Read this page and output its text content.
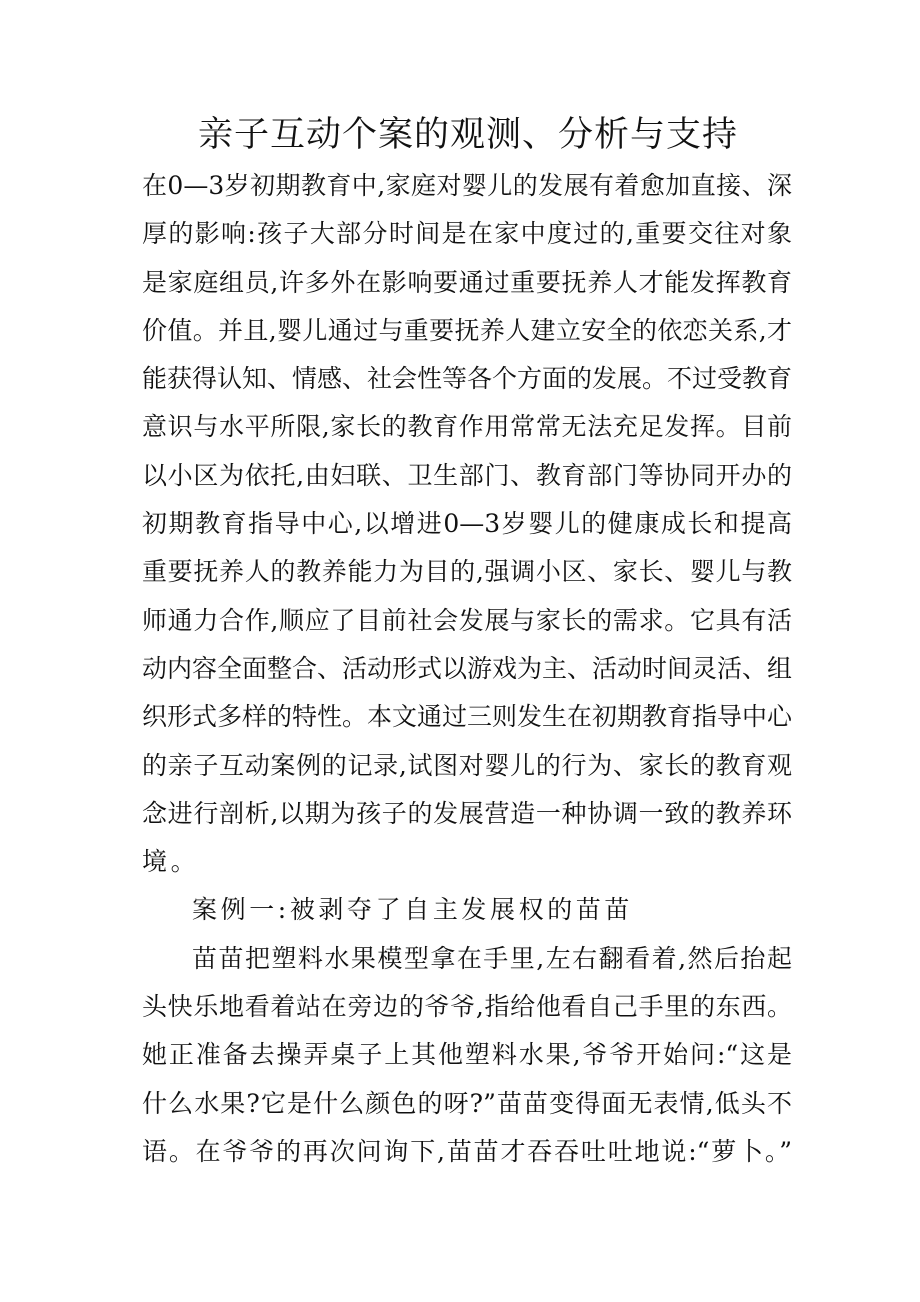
亲子互动个案的观测、分析与支持
在0—3岁初期教育中,家庭对婴儿的发展有着愈加直接、深
厚的影响:孩子大部分时间是在家中度过的,重要交往对象
是家庭组员,许多外在影响要通过重要抚养人才能发挥教育
价值。并且,婴儿通过与重要抚养人建立安全的依恋关系,才
能获得认知、情感、社会性等各个方面的发展。不过受教育
意识与水平所限,家长的教育作用常常无法充足发挥。目前
以小区为依托,由妇联、卫生部门、教育部门等协同开办的
初期教育指导中心,以增进0—3岁婴儿的健康成长和提高
重要抚养人的教养能力为目的,强调小区、家长、婴儿与教
师通力合作,顺应了目前社会发展与家长的需求。它具有活
动内容全面整合、活动形式以游戏为主、活动时间灵活、组
织形式多样的特性。本文通过三则发生在初期教育指导中心
的亲子互动案例的记录,试图对婴儿的行为、家长的教育观
念进行剖析,以期为孩子的发展营造一种协调一致的教养环
境。
案例一:被剥夺了自主发展权的苗苗
苗苗把塑料水果模型拿在手里,左右翻看着,然后抬起
头快乐地看着站在旁边的爷爷,指给他看自己手里的东西。
她正准备去操弄桌子上其他塑料水果,爷爷开始问:“这是
什么水果?它是什么颜色的呀?”苗苗变得面无表情,低头不
语。在爷爷的再次问询下,苗苗才吞吞吐吐地说:“萝卜。”
